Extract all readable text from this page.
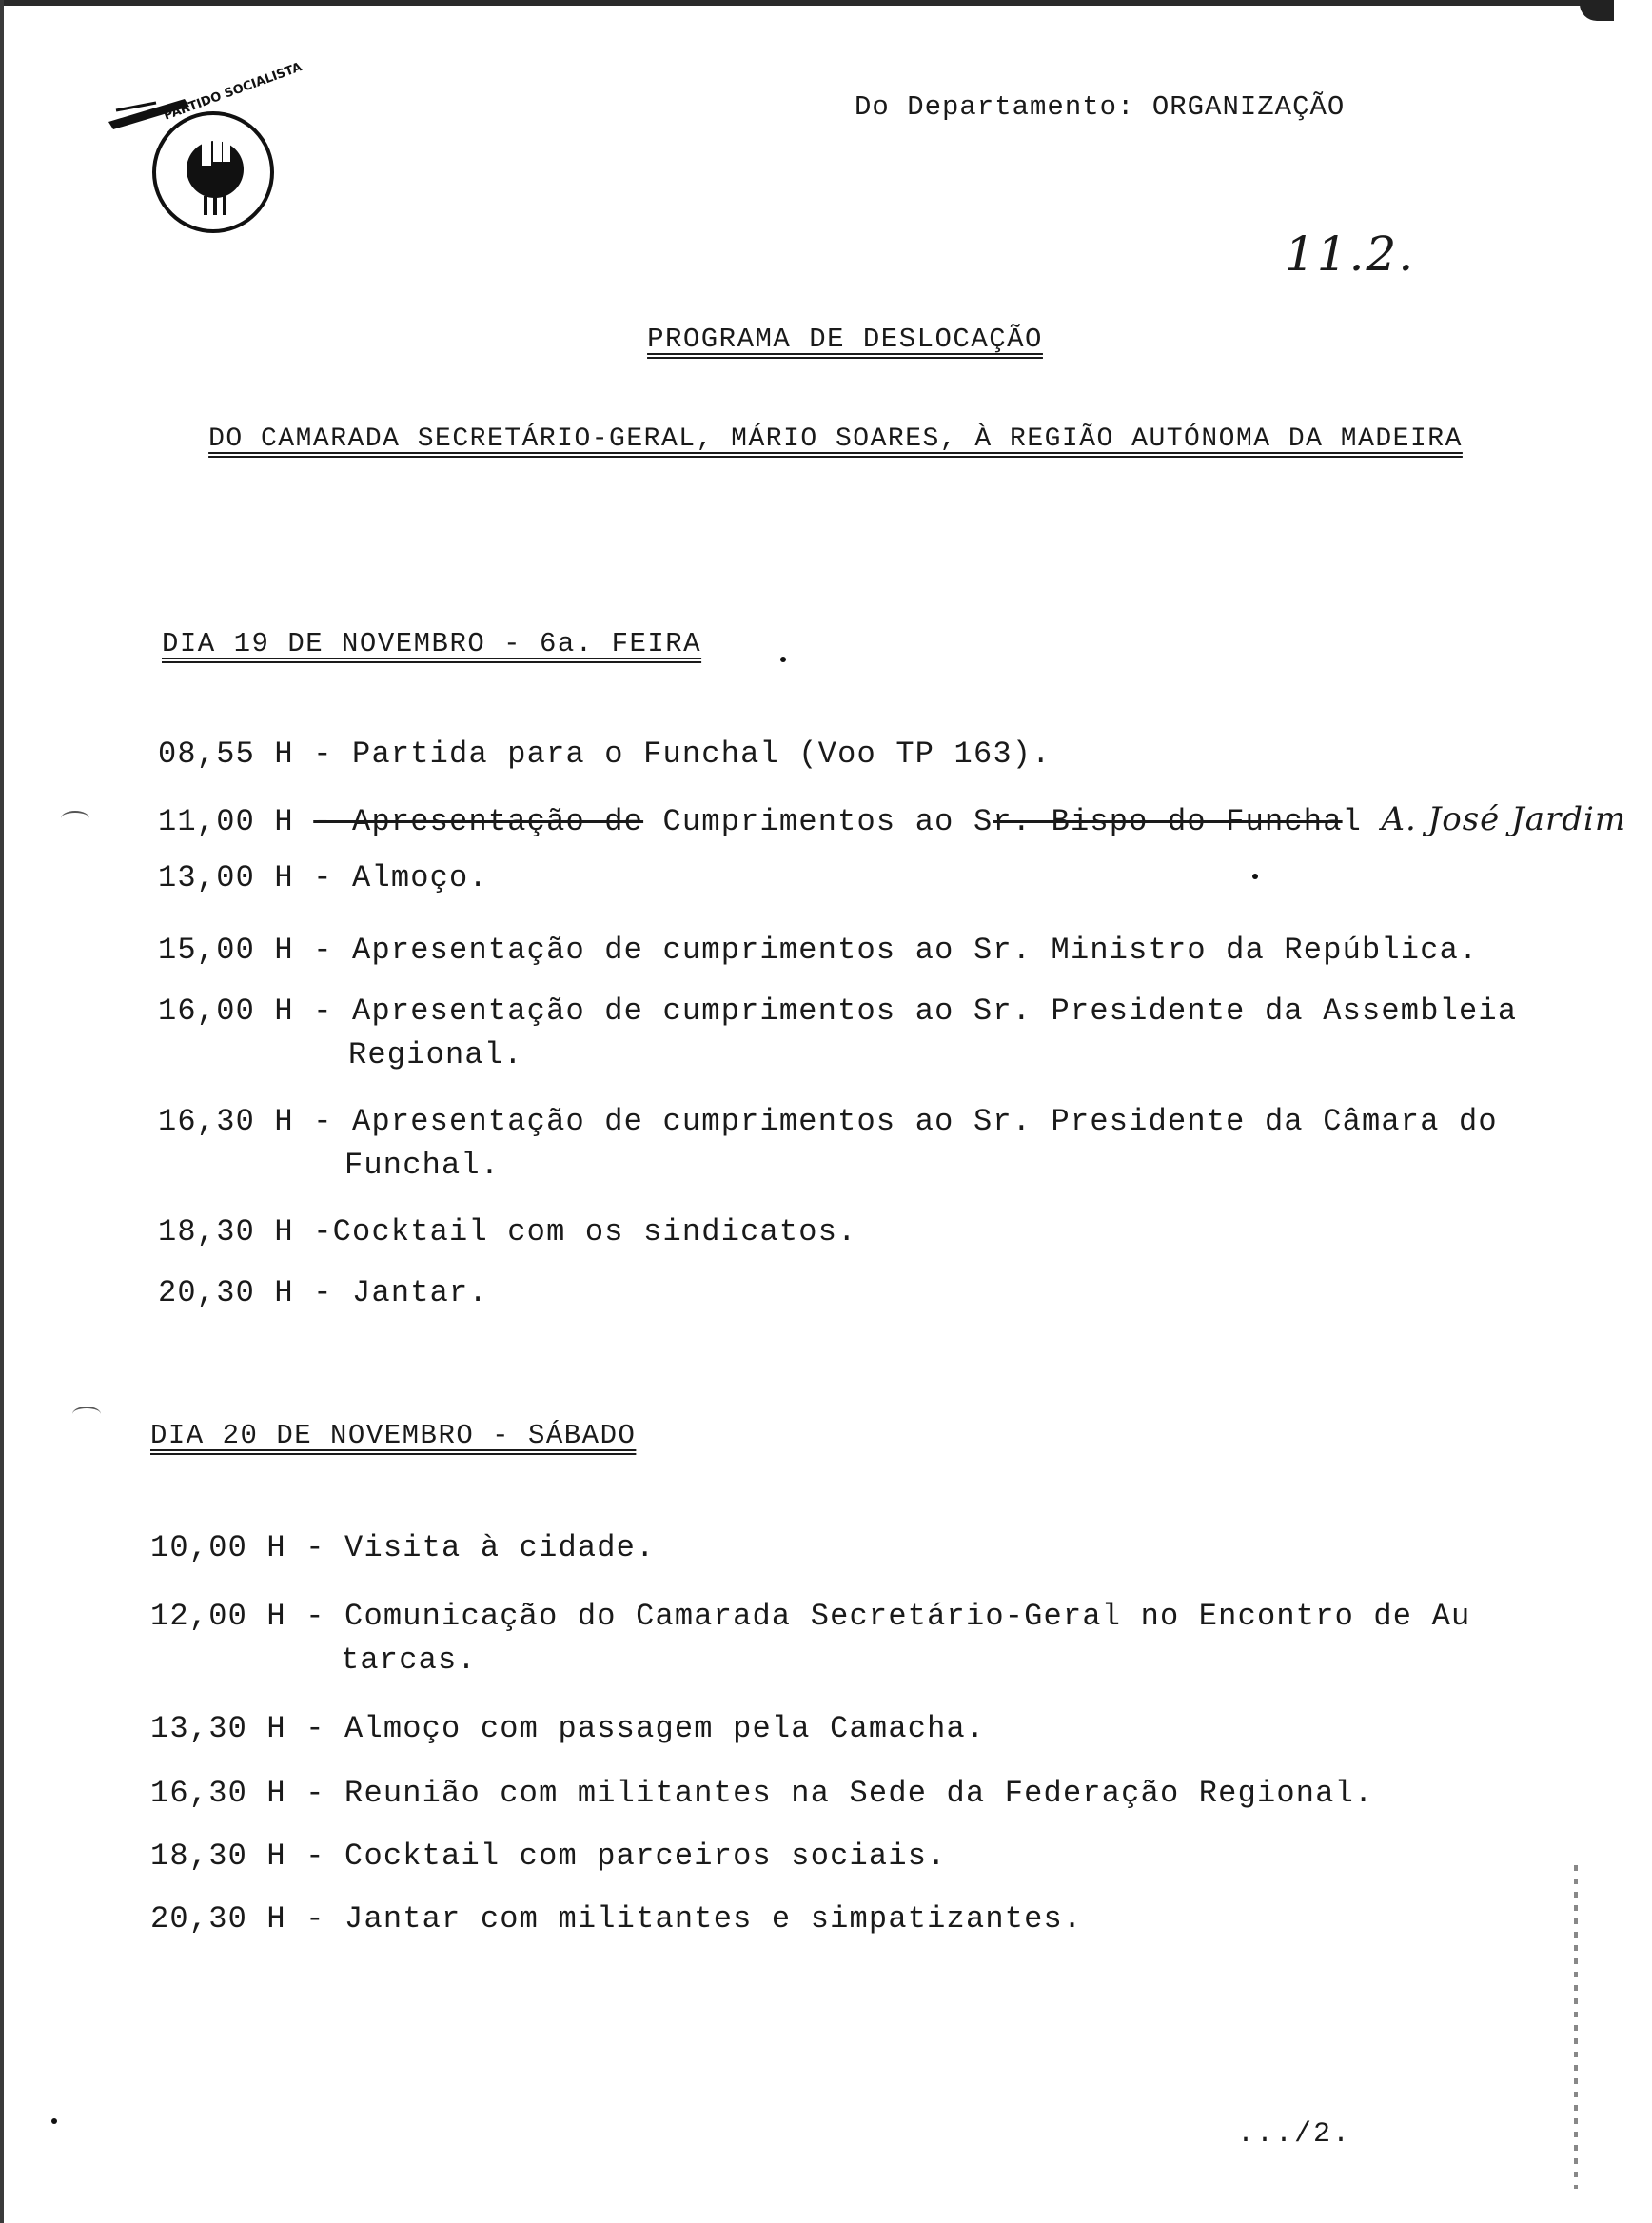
PARTIDO SOCIALISTA	Do Departamento: ORGANIZAÇÃO
11.2.
PROGRAMA DE DESLOCAÇÃO
DO CAMARADA SECRETÁRIO-GERAL, MÁRIO SOARES, À REGIÃO AUTÓNOMA DA MADEIRA
DIA 19 DE NOVEMBRO - 6a. FEIRA
08,55 H - Partida para o Funchal (Voo TP 163).
11,00 H - Apresentação de Cumprimentos ao Sr. Bispo do Funchal A. José Jardim
13,00 H - Almoço.
15,00 H - Apresentação de cumprimentos ao Sr. Ministro da República.
16,00 H - Apresentação de cumprimentos ao Sr. Presidente da Assembleia
Regional.
16,30 H - Apresentação de cumprimentos ao Sr. Presidente da Câmara do
Funchal.
18,30 H -Cocktail com os sindicatos.
20,30 H - Jantar.
DIA 20 DE NOVEMBRO - SÁBADO
10,00 H - Visita à cidade.
12,00 H - Comunicação do Camarada Secretário-Geral no Encontro de Au
tarcas.
13,30 H - Almoço com passagem pela Camacha.
16,30 H - Reunião com militantes na Sede da Federação Regional.
18,30 H - Cocktail com parceiros sociais.
20,30 H - Jantar com militantes e simpatizantes.
.../2.
